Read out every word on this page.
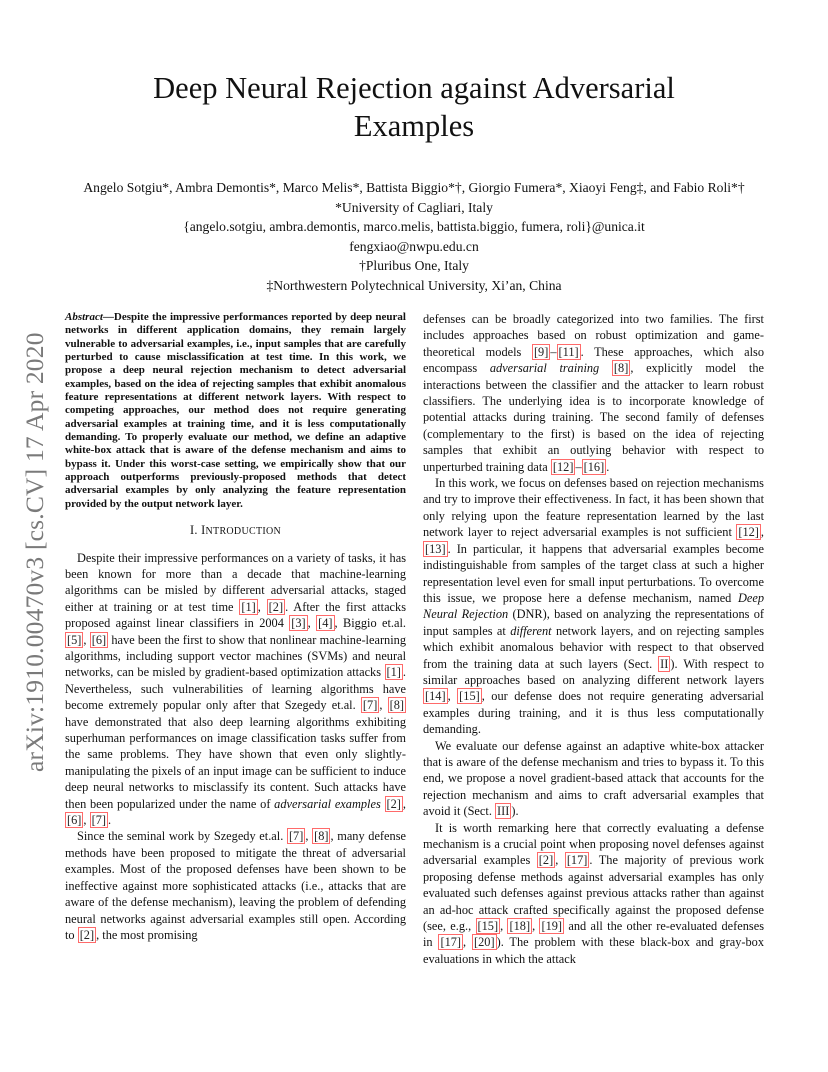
arXiv:1910.00470v3 [cs.CV] 17 Apr 2020
Deep Neural Rejection against Adversarial
Examples
Angelo Sotgiu*, Ambra Demontis*, Marco Melis*, Battista Biggio*†, Giorgio Fumera*, Xiaoyi Feng‡, and Fabio Roli*†
*University of Cagliari, Italy
{angelo.sotgiu, ambra.demontis, marco.melis, battista.biggio, fumera, roli}@unica.it
fengxiao@nwpu.edu.cn
†Pluribus One, Italy
‡Northwestern Polytechnical University, Xi’an, China

Abstract—Despite the impressive performances reported by deep neural networks in different application domains, they remain largely vulnerable to adversarial examples, i.e., input samples that are carefully perturbed to cause misclassification at test time. In this work, we propose a deep neural rejection mechanism to detect adversarial examples, based on the idea of rejecting samples that exhibit anomalous feature representations at different network layers. With respect to competing approaches, our method does not require generating adversarial examples at training time, and it is less computationally demanding. To properly evaluate our method, we define an adaptive white-box attack that is aware of the defense mechanism and aims to bypass it. Under this worst-case setting, we empirically show that our approach outperforms previously-proposed methods that detect adversarial examples by only analyzing the feature representation provided by the output network layer.

I. INTRODUCTION

Despite their impressive performances on a variety of tasks, it has been known for more than a decade that machine-learning algorithms can be misled by different adversarial attacks, staged either at training or at test time [1] , [2] . After the first attacks proposed against linear classifiers in 2004 [3] , [4] , Biggio et.al. [5] , [6] have been the first to show that nonlinear machine-learning algorithms, including support vector machines (SVMs) and neural networks, can be misled by gradient-based optimization attacks [1] . Nevertheless, such vulnerabilities of learning algorithms have become extremely popular only after that Szegedy et.al. [7] , [8] have demonstrated that also deep learning algorithms exhibiting superhuman performances on image classification tasks suffer from the same problems. They have shown that even only slightly-manipulating the pixels of an input image can be sufficient to induce deep neural networks to misclassify its content. Such attacks have then been popularized under the name of adversarial examples [2] , [6] , [7] .

Since the seminal work by Szegedy et.al. [7] , [8] , many defense methods have been proposed to mitigate the threat of adversarial examples. Most of the proposed defenses have been shown to be ineffective against more sophisticated attacks (i.e., attacks that are aware of the defense mechanism), leaving the problem of defending neural networks against adversarial examples still open. According to [2] , the most promising

defenses can be broadly categorized into two families. The first includes approaches based on robust optimization and game-theoretical models [9] – [11] . These approaches, which also encompass adversarial training [8] , explicitly model the interactions between the classifier and the attacker to learn robust classifiers. The underlying idea is to incorporate knowledge of potential attacks during training. The second family of defenses (complementary to the first) is based on the idea of rejecting samples that exhibit an outlying behavior with respect to unperturbed training data [12] – [16] .

In this work, we focus on defenses based on rejection mechanisms and try to improve their effectiveness. In fact, it has been shown that only relying upon the feature representation learned by the last network layer to reject adversarial examples is not sufficient [12] , [13] . In particular, it happens that adversarial examples become indistinguishable from samples of the target class at such a higher representation level even for small input perturbations. To overcome this issue, we propose here a defense mechanism, named Deep Neural Rejection (DNR), based on analyzing the representations of input samples at different network layers, and on rejecting samples which exhibit anomalous behavior with respect to that observed from the training data at such layers (Sect. II ). With respect to similar approaches based on analyzing different network layers [14] , [15] , our defense does not require generating adversarial examples during training, and it is thus less computationally demanding.

We evaluate our defense against an adaptive white-box attacker that is aware of the defense mechanism and tries to bypass it. To this end, we propose a novel gradient-based attack that accounts for the rejection mechanism and aims to craft adversarial examples that avoid it (Sect. III ).

It is worth remarking here that correctly evaluating a defense mechanism is a crucial point when proposing novel defenses against adversarial examples [2] , [17] . The majority of previous work proposing defense methods against adversarial examples has only evaluated such defenses against previous attacks rather than against an ad-hoc attack crafted specifically against the proposed defense (see, e.g., [15] , [18] , [19] and all the other re-evaluated defenses in [17] , [20] ). The problem with these black-box and gray-box evaluations in which the attack
